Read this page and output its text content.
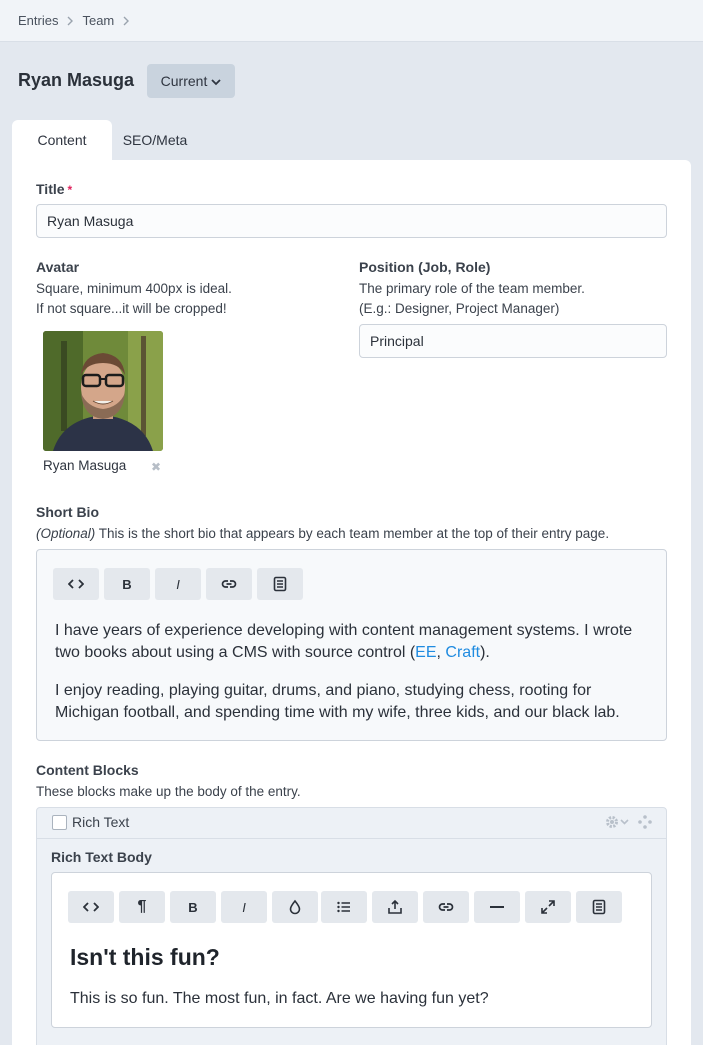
Entries Team
Ryan Masuga Current
Content	SEO/Meta
Title *
Ryan Masuga
Avatar
Square, minimum 400px is ideal.
If not square...it will be cropped!
Ryan Masuga ✖
Position (Job, Role)
The primary role of the team member.
(E.g.: Designer, Project Manager)
Principal
Short Bio
(Optional) This is the short bio that appears by each team member at the top of their entry page.
B	I
I have years of experience developing with content management systems. I wrote
two books about using a CMS with source control (EE, Craft).
I enjoy reading, playing guitar, drums, and piano, studying chess, rooting for
Michigan football, and spending time with my wife, three kids, and our black lab.
Content Blocks
These blocks make up the body of the entry.
Rich Text
Rich Text Body
¶	B	I
Isn't this fun?
This is so fun. The most fun, in fact. Are we having fun yet?
